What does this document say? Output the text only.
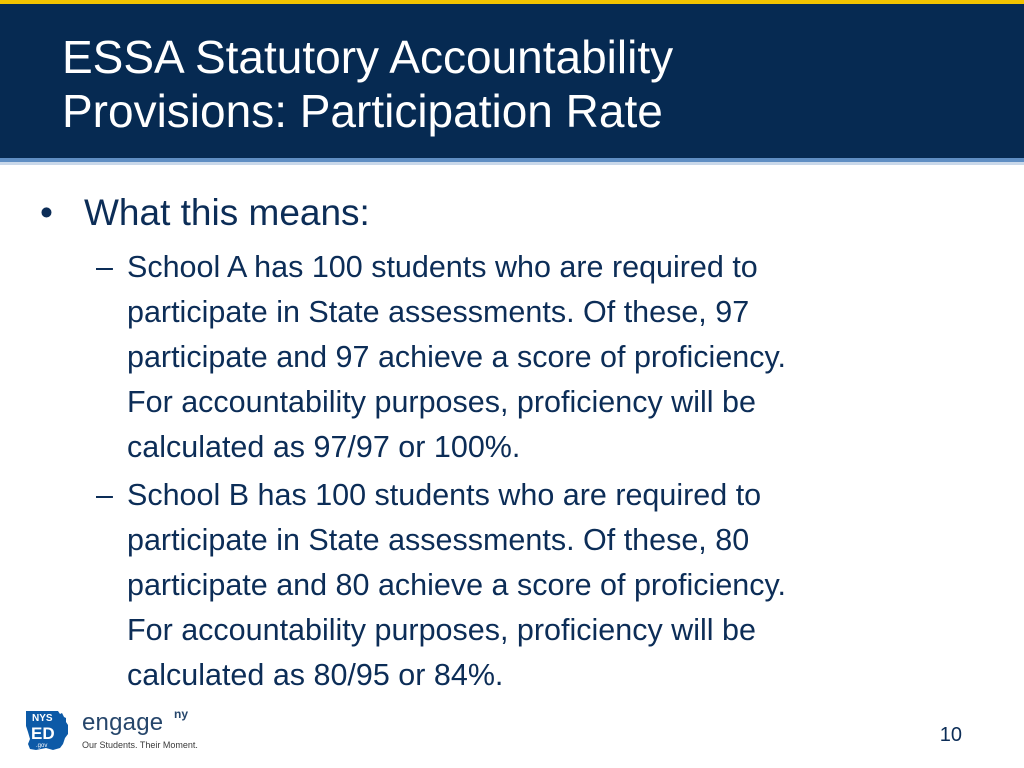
ESSA Statutory Accountability
Provisions: Participation Rate
• What this means:
– School A has 100 students who are required to
participate in State assessments. Of these, 97
participate and 97 achieve a score of proficiency.
For accountability purposes, proficiency will be
calculated as 97/97 or 100%.
– School B has 100 students who are required to
participate in State assessments. Of these, 80
participate and 80 achieve a score of proficiency.
For accountability purposes, proficiency will be
calculated as 80/95 or 84%.
NYS
ED
.gov
engage ny
Our Students. Their Moment.	10
